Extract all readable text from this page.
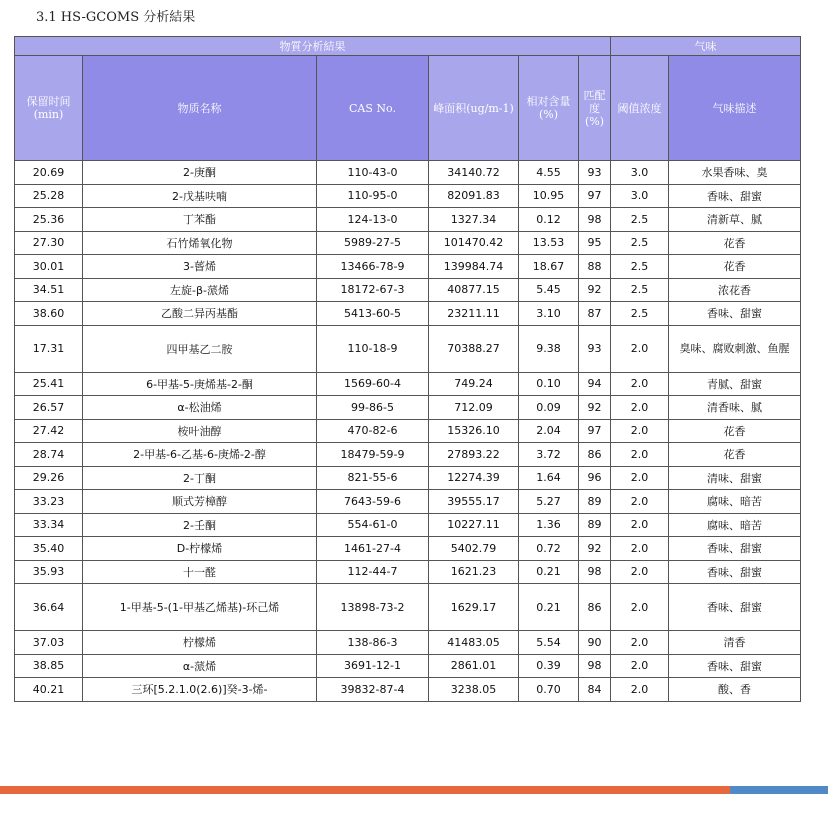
3.1 HS-GCOMS 分析結果
物質分析結果						气味	
保留时间(min)	物质名称	CAS No.	峰面积(ug/m-1)	相对含量(%)	匹配度(%)	阈值浓度	气味描述
20.69	2-庚酮	110-43-0	34140.72	4.55	93	3.0	水果香味、臭
25.28	2-戊基呋喃	110-95-0	82091.83	10.95	97	3.0	香味、甜蜜
25.36	丁苯酯	124-13-0	1327.34	0.12	98	2.5	清新草、腻
27.30	石竹烯氧化物	5989-27-5	101470.42	13.53	95	2.5	花香
30.01	3-蒈烯	13466-78-9	139984.74	18.67	88	2.5	花香
34.51	左旋-β-蒎烯	18172-67-3	40877.15	5.45	92	2.5	浓花香
38.60	乙酸二异丙基酯	5413-60-5	23211.11	3.10	87	2.5	香味、甜蜜
17.31	四甲基乙二胺	110-18-9	70388.27	9.38	93	2.0	臭味、腐败刺激、鱼腥
25.41	6-甲基-5-庚烯基-2-酮	1569-60-4	749.24	0.10	94	2.0	青腻、甜蜜
26.57	α-松油烯	99-86-5	712.09	0.09	92	2.0	清香味、腻
27.42	桉叶油醇	470-82-6	15326.10	2.04	97	2.0	花香
28.74	2-甲基-6-乙基-6-庚烯-2-醇	18479-59-9	27893.22	3.72	86	2.0	花香
29.26	2-丁酮	821-55-6	12274.39	1.64	96	2.0	清味、甜蜜
33.23	顺式芳樟醇	7643-59-6	39555.17	5.27	89	2.0	腐味、暗苦
33.34	2-壬酮	554-61-0	10227.11	1.36	89	2.0	腐味、暗苦
35.40	D-柠檬烯	1461-27-4	5402.79	0.72	92	2.0	香味、甜蜜
35.93	十一醛	112-44-7	1621.23	0.21	98	2.0	香味、甜蜜
36.64	1-甲基-5-(1-甲基乙烯基)-环己烯	13898-73-2	1629.17	0.21	86	2.0	香味、甜蜜
37.03	柠檬烯	138-86-3	41483.05	5.54	90	2.0	清香
38.85	α-蒎烯	3691-12-1	2861.01	0.39	98	2.0	香味、甜蜜
40.21	三环[5.2.1.0(2.6)]癸-3-烯-	39832-87-4	3238.05	0.70	84	2.0	酸、香
